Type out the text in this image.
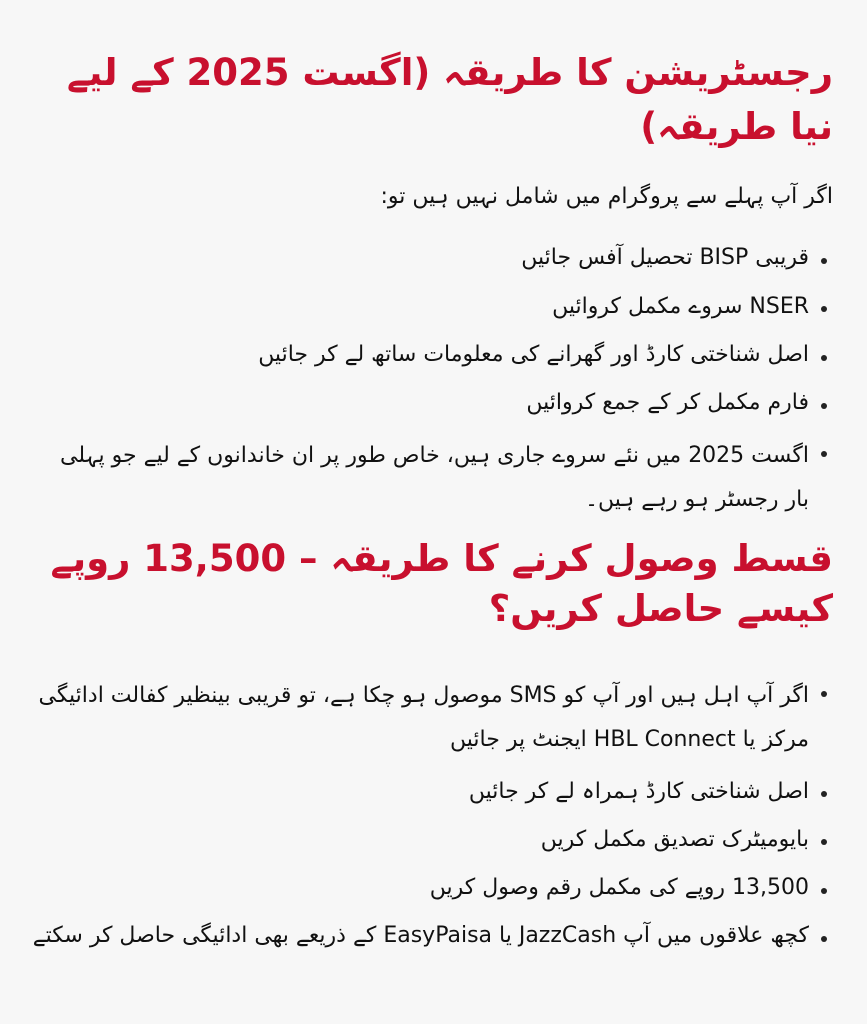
رجسٹریشن کا طریقہ (اگست 2025 کے لیے نیا طریقہ)

اگر آپ پہلے سے پروگرام میں شامل نہیں ہیں تو:

قریبی BISP تحصیل آفس جائیں
NSER سروے مکمل کروائیں
اصل شناختی کارڈ اور گھرانے کی معلومات ساتھ لے کر جائیں
فارم مکمل کر کے جمع کروائیں
اگست 2025 میں نئے سروے جاری ہیں، خاص طور پر ان خاندانوں کے لیے جو پہلی بار رجسٹر ہو رہے ہیں۔
قسط وصول کرنے کا طریقہ – 13,500 روپے کیسے حاصل کریں؟
اگر آپ اہل ہیں اور آپ کو SMS موصول ہو چکا ہے، تو قریبی بینظیر کفالت ادائیگی مرکز یا HBL Connect ایجنٹ پر جائیں
اصل شناختی کارڈ ہمراہ لے کر جائیں
بایومیٹرک تصدیق مکمل کریں
13,500 روپے کی مکمل رقم وصول کریں
کچھ علاقوں میں آپ JazzCash یا EasyPaisa کے ذریعے بھی ادائیگی حاصل کر سکتے
